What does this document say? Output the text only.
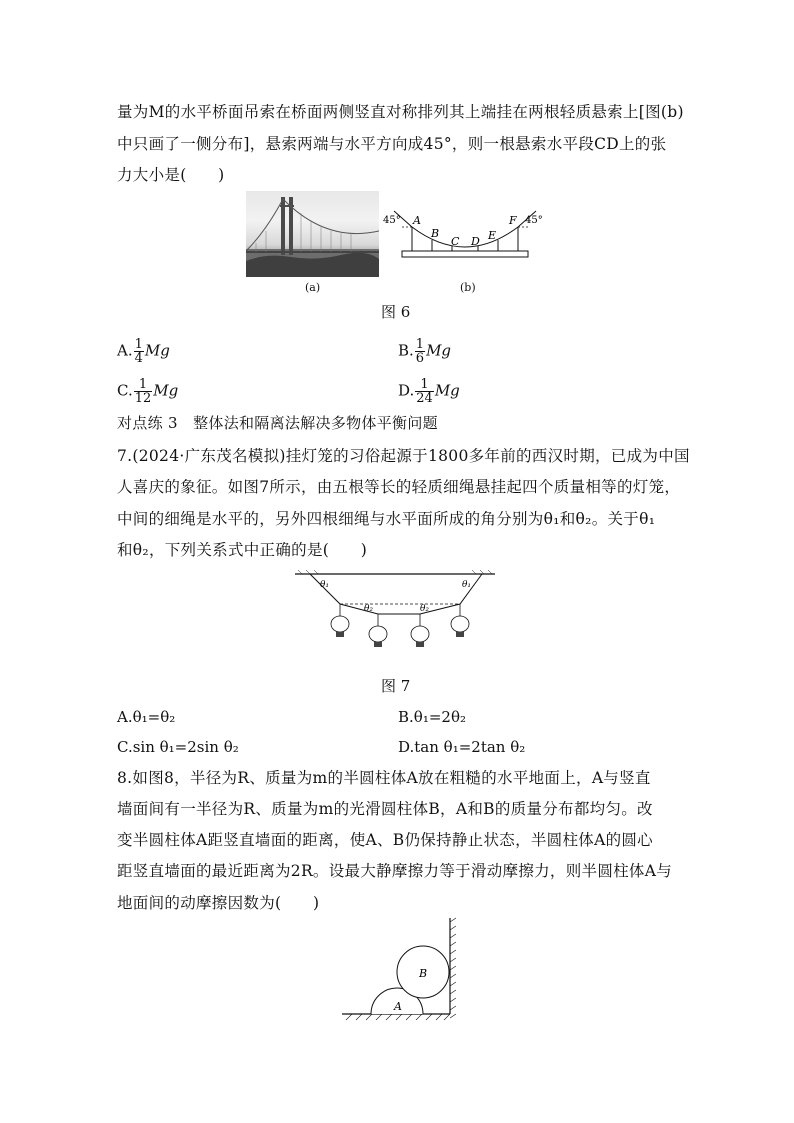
量为M的水平桥面吊索在桥面两侧竖直对称排列其上端挂在两根轻质悬索上[图(b)
中只画了一侧分布]，悬索两端与水平方向成45°，则一根悬索水平段CD上的张
力大小是(　　)
(a)
45°	45°
A
B
C D E
F
(b)
图 6
A. $\frac{1}{4}$ Mg	B. $\frac{1}{6}$ Mg
C. $\frac{1}{12}$ Mg	D. $\frac{1}{24}$ Mg
对点练 3　整体法和隔离法解决多物体平衡问题
7.(2024·广东茂名模拟)挂灯笼的习俗起源于1800多年前的西汉时期，已成为中国
人喜庆的象征。如图7所示，由五根等长的轻质细绳悬挂起四个质量相等的灯笼，
中间的细绳是水平的，另外四根细绳与水平面所成的角分别为θ₁和θ₂。关于θ₁
和θ₂，下列关系式中正确的是(　　)
θ₁	θ₁
θ₂	θ₂
图 7
A.θ₁=θ₂	B.θ₁=2θ₂
C.sin θ₁=2sin θ₂	D.tan θ₁=2tan θ₂
8.如图8，半径为R、质量为m的半圆柱体A放在粗糙的水平地面上，A与竖直
墙面间有一半径为R、质量为m的光滑圆柱体B，A和B的质量分布都均匀。改
变半圆柱体A距竖直墙面的距离，使A、B仍保持静止状态，半圆柱体A的圆心
距竖直墙面的最近距离为2R。设最大静摩擦力等于滑动摩擦力，则半圆柱体A与
地面间的动摩擦因数为(　　)
A
B
